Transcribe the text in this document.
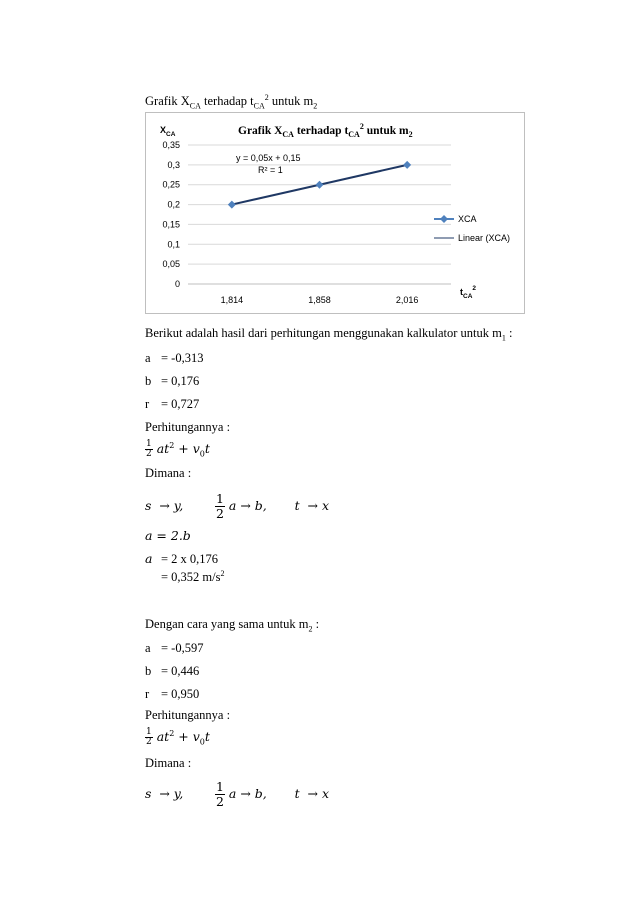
Grafik $X_{CA}$ terhadap $t_{CA}^2$ untuk $m_2$
$X_{CA}$	Grafik $X_{CA}$ terhadap $t_{CA}^2$ untuk $m_2$
0
0,05
0,1
0,15
0,2
0,25
0,3
0,35
1,814	1,858	2,016
y = 0,05x + 0,15
R² = 1
XCA
Linear (XCA)
$t_{CA}^2$
Berikut adalah hasil dari perhitungan menggunakan kalkulator untuk $m_1$ :
a = -0,313
b = 0,176
r = 0,727
Perhitungannya :
$\frac{1}{2} at^2 + v_0t$
Dimana :
s  → y, $\frac{1}{2}$ a → b,       t  → x
a = 2.b
a = 2 x 0,176
= 0,352 $m/s^2$
Dengan cara yang sama untuk $m_2$ :
a = -0,597
b = 0,446
r = 0,950
Perhitungannya :
$\frac{1}{2} at^2 + v_0t$
Dimana :
s  → y, $\frac{1}{2}$ a → b,       t  → x
